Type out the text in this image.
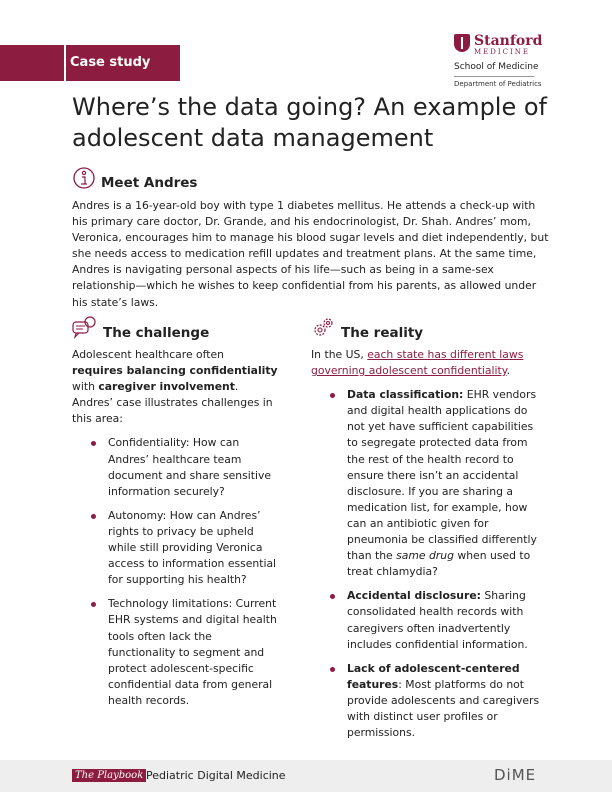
Case study
Stanford
MEDICINE
School of Medicine
Department of Pediatrics
Where’s the data going? An example of adolescent data management
Meet Andres

Andres is a 16-year-old boy with type 1 diabetes mellitus. He attends a check-up with his primary care doctor, Dr. Grande, and his endocrinologist, Dr. Shah. Andres’ mom, Veronica, encourages him to manage his blood sugar levels and diet independently, but she needs access to medication refill updates and treatment plans. At the same time, Andres is navigating personal aspects of his life—such as being in a same-sex relationship—which he wishes to keep confidential from his parents, as allowed under his state’s laws.

The challenge

Adolescent healthcare often requires balancing confidentiality with caregiver involvement. Andres’ case illustrates challenges in this area:

Confidentiality: How can Andres’ healthcare team document and share sensitive information securely?
Autonomy: How can Andres’ rights to privacy be upheld while still providing Veronica access to information essential for supporting his health?
Technology limitations: Current EHR systems and digital health tools often lack the functionality to segment and protect adolescent-specific confidential data from general health records.
The reality

In the US, each state has different laws governing adolescent confidentiality.

Data classification: EHR vendors and digital health applications do not yet have sufficient capabilities to segregate protected data from the rest of the health record to ensure there isn’t an accidental disclosure. If you are sharing a medication list, for example, how can an antibiotic given for pneumonia be classified differently than the same drug when used to treat chlamydia?
Accidental disclosure: Sharing consolidated health records with caregivers often inadvertently includes confidential information.
Lack of adolescent-centered features: Most platforms do not provide adolescents and caregivers with distinct user profiles or permissions.
The Playbook Pediatric Digital Medicine	DiME
